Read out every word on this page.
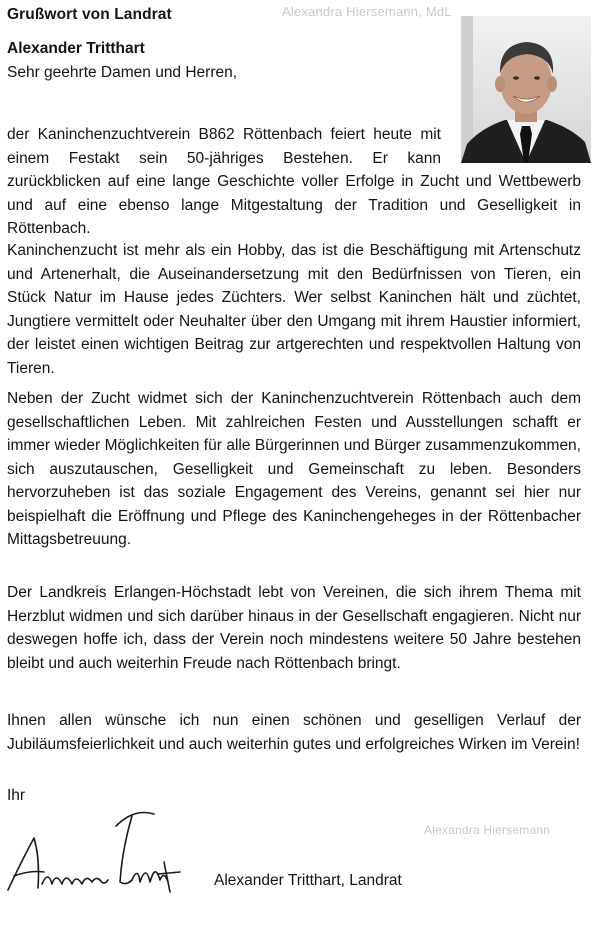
Alexandra Hiersemann, MdL
Alexandra Hiersemann
Grußwort von Landrat
Alexander Tritthart
Sehr geehrte Damen und Herren,

der Kaninchenzuchtverein B862 Röttenbach feiert heute mit einem Festakt sein 50-jähriges Bestehen. Er kann zurückblicken auf eine lange Geschichte voller Erfolge in Zucht und Wettbewerb und auf eine ebenso lange Mitgestaltung der Tradition und Geselligkeit in Röttenbach.

Kaninchenzucht ist mehr als ein Hobby, das ist die Beschäftigung mit Artenschutz und Artenerhalt, die Auseinandersetzung mit den Bedürfnissen von Tieren, ein Stück Natur im Hause jedes Züchters. Wer selbst Kaninchen hält und züchtet, Jungtiere vermittelt oder Neuhalter über den Umgang mit ihrem Haustier informiert, der leistet einen wichtigen Beitrag zur artgerechten und respektvollen Haltung von Tieren.

Neben der Zucht widmet sich der Kaninchenzuchtverein Röttenbach auch dem gesellschaftlichen Leben. Mit zahlreichen Festen und Ausstellungen schafft er immer wieder Möglichkeiten für alle Bürgerinnen und Bürger zusammenzukommen, sich auszutauschen, Geselligkeit und Gemeinschaft zu leben. Besonders hervorzuheben ist das soziale Engagement des Vereins, genannt sei hier nur beispielhaft die Eröffnung und Pflege des Kaninchengeheges in der Röttenbacher Mittagsbetreuung.

Der Landkreis Erlangen-Höchstadt lebt von Vereinen, die sich ihrem Thema mit Herzblut widmen und sich darüber hinaus in der Gesellschaft engagieren. Nicht nur deswegen hoffe ich, dass der Verein noch mindestens weitere 50 Jahre bestehen bleibt und auch weiterhin Freude nach Röttenbach bringt.

Ihnen allen wünsche ich nun einen schönen und geselligen Verlauf der Jubiläumsfeierlichkeit und auch weiterhin gutes und erfolgreiches Wirken im Verein!

Ihr
Alexander Tritthart, Landrat
